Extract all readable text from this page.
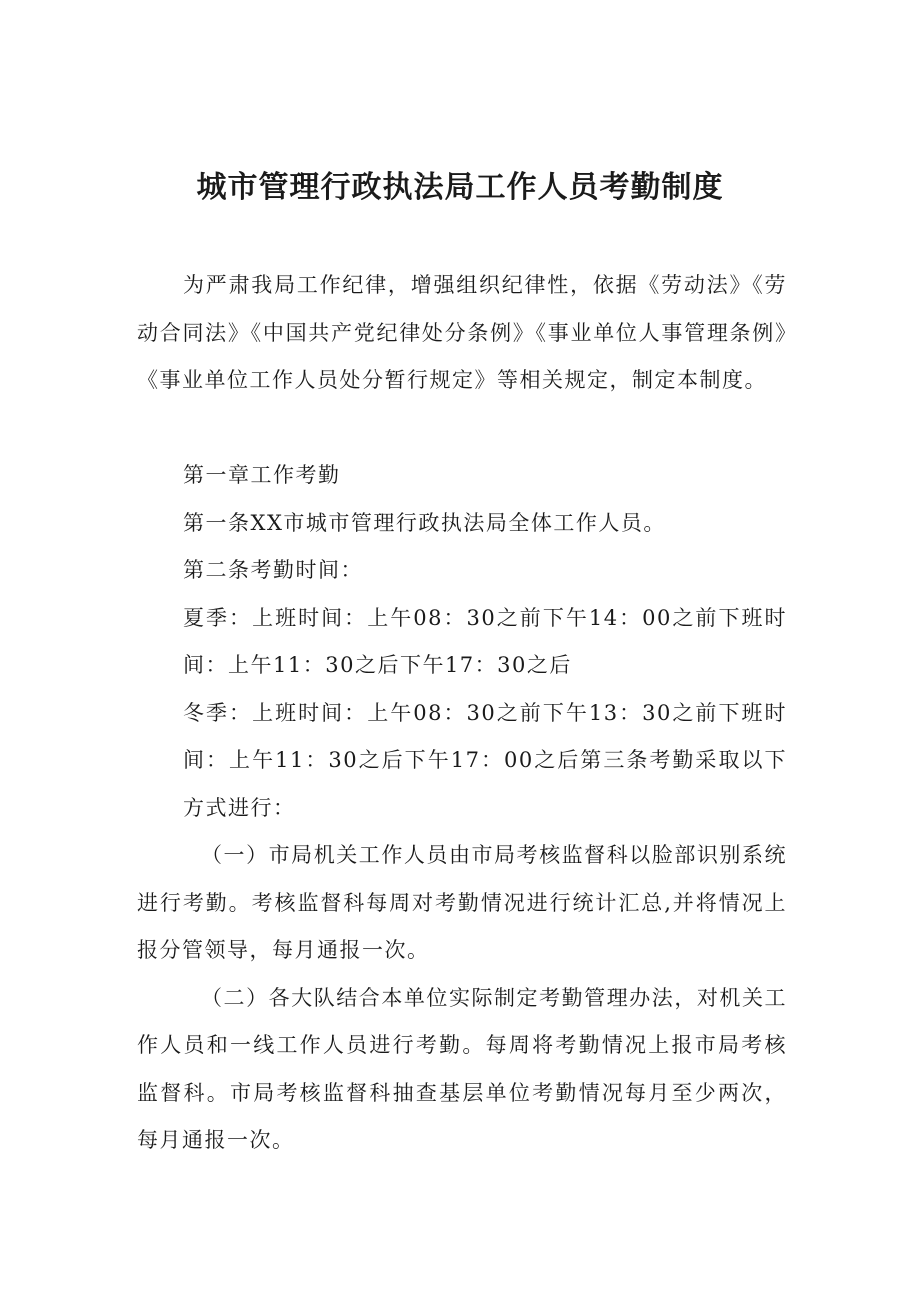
城市管理行政执法局工作人员考勤制度

为严肃我局工作纪律，增强组织纪律性，依据《劳动法》《劳动合同法》《中国共产党纪律处分条例》《事业单位人事管理条例》《事业单位工作人员处分暂行规定》等相关规定，制定本制度。

第一章工作考勤

第一条XX市城市管理行政执法局全体工作人员。

第二条考勤时间：

夏季：上班时间：上午08：30之前下午14：00之前下班时间：上午11：30之后下午17：30之后

冬季：上班时间：上午08：30之前下午13：30之前下班时间：上午11：30之后下午17：00之后第三条考勤采取以下方式进行：

（一）市局机关工作人员由市局考核监督科以脸部识别系统进行考勤。考核监督科每周对考勤情况进行统计汇总,并将情况上报分管领导，每月通报一次。

（二）各大队结合本单位实际制定考勤管理办法，对机关工作人员和一线工作人员进行考勤。每周将考勤情况上报市局考核监督科。市局考核监督科抽查基层单位考勤情况每月至少两次，每月通报一次。
